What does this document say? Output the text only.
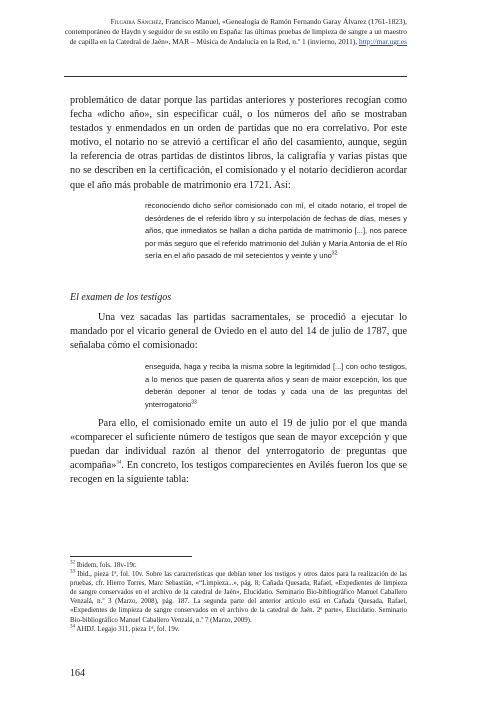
Filgaira Sánchez, Francisco Manuel, «Genealogía de Ramón Fernando Garay Álvarez (1761-1823), contemporáneo de Haydn y seguidor de su estilo en España: las últimas pruebas de limpieza de sangre a un maestro de capilla en la Catedral de Jaén», MAR – Música de Andalucía en la Red, n.º 1 (invierno, 2011), http://mar.ugr.es

problemático de datar porque las partidas anteriores y posteriores recogían como fecha «dicho año», sin especificar cuál, o los números del año se mostraban testados y enmendados en un orden de partidas que no era correlativo. Por este motivo, el notario no se atrevió a certificar el año del casamiento, aunque, según la referencia de otras partidas de distintos libros, la caligrafía y varias pistas que no se describen en la certificación, el comisionado y el notario decidieron acordar que el año más probable de matrimonio era 1721. Así:

reconociendo dicho señor comisionado con mí, el citado notario, el tropel de desórdenes de el referido libro y su interpolación de fechas de días, meses y años, que inmediatos se hallan a dicha partida de matrimonio [...], nos parece por más seguro que el referido matrimonio del Julián y María Antonia de el Río sería en el año pasado de mil setecientos y veinte y uno$^{32}$

El examen de los testigos

Una vez sacadas las partidas sacramentales, se procedió a ejecutar lo mandado por el vicario general de Oviedo en el auto del 14 de julio de 1787, que señalaba cómo el comisionado:

enseguida, haga y reciba la misma sobre la legitimidad [...] con ocho testigos, a lo menos que pasen de quarenta años y sean de maior excepción, los que deberán deponer al tenor de todas y cada una de las preguntas del ynterrogatorio$^{33}$

Para ello, el comisionado emite un auto el 19 de julio por el que manda «comparecer el suficiente número de testigos que sean de mayor excepción y que puedan dar individual razón al thenor del ynterrogatorio de preguntas que acompaña»$^{34}$. En concreto, los testigos comparecientes en Avilés fueron los que se recogen en la siguiente tabla:

$^{32}$ Ibidem, fols. 18v-19r.

$^{33}$ Ibid., pieza 1ª, fol. 10v. Sobre las características que debían tener los testigos y otros datos para la realización de las pruebas, cfr. Hierro Torres, Marc Sebastián, «“Limpieza...», pág. 8; Cañada Quesada, Rafael, «Expedientes de limpieza de sangre conservados en el archivo de la catedral de Jaén», Elucidatio. Seminario Bio-bibliográfico Manuel Caballero Venzalá, n.º 3 (Marzo, 2008), pág. 187. La segunda parte del anterior artículo está en Cañada Quesada, Rafael, «Expedientes de limpieza de sangre conservados en el archivo de la catedral de Jaén. 2ª parte», Elucidatio. Seminario Bio-bibliográfico Manuel Caballero Venzalá, n.º 7 (Marzo, 2009).

$^{34}$ AHDJ. Legajo 311, pieza 1ª, fol. 19v.

164
